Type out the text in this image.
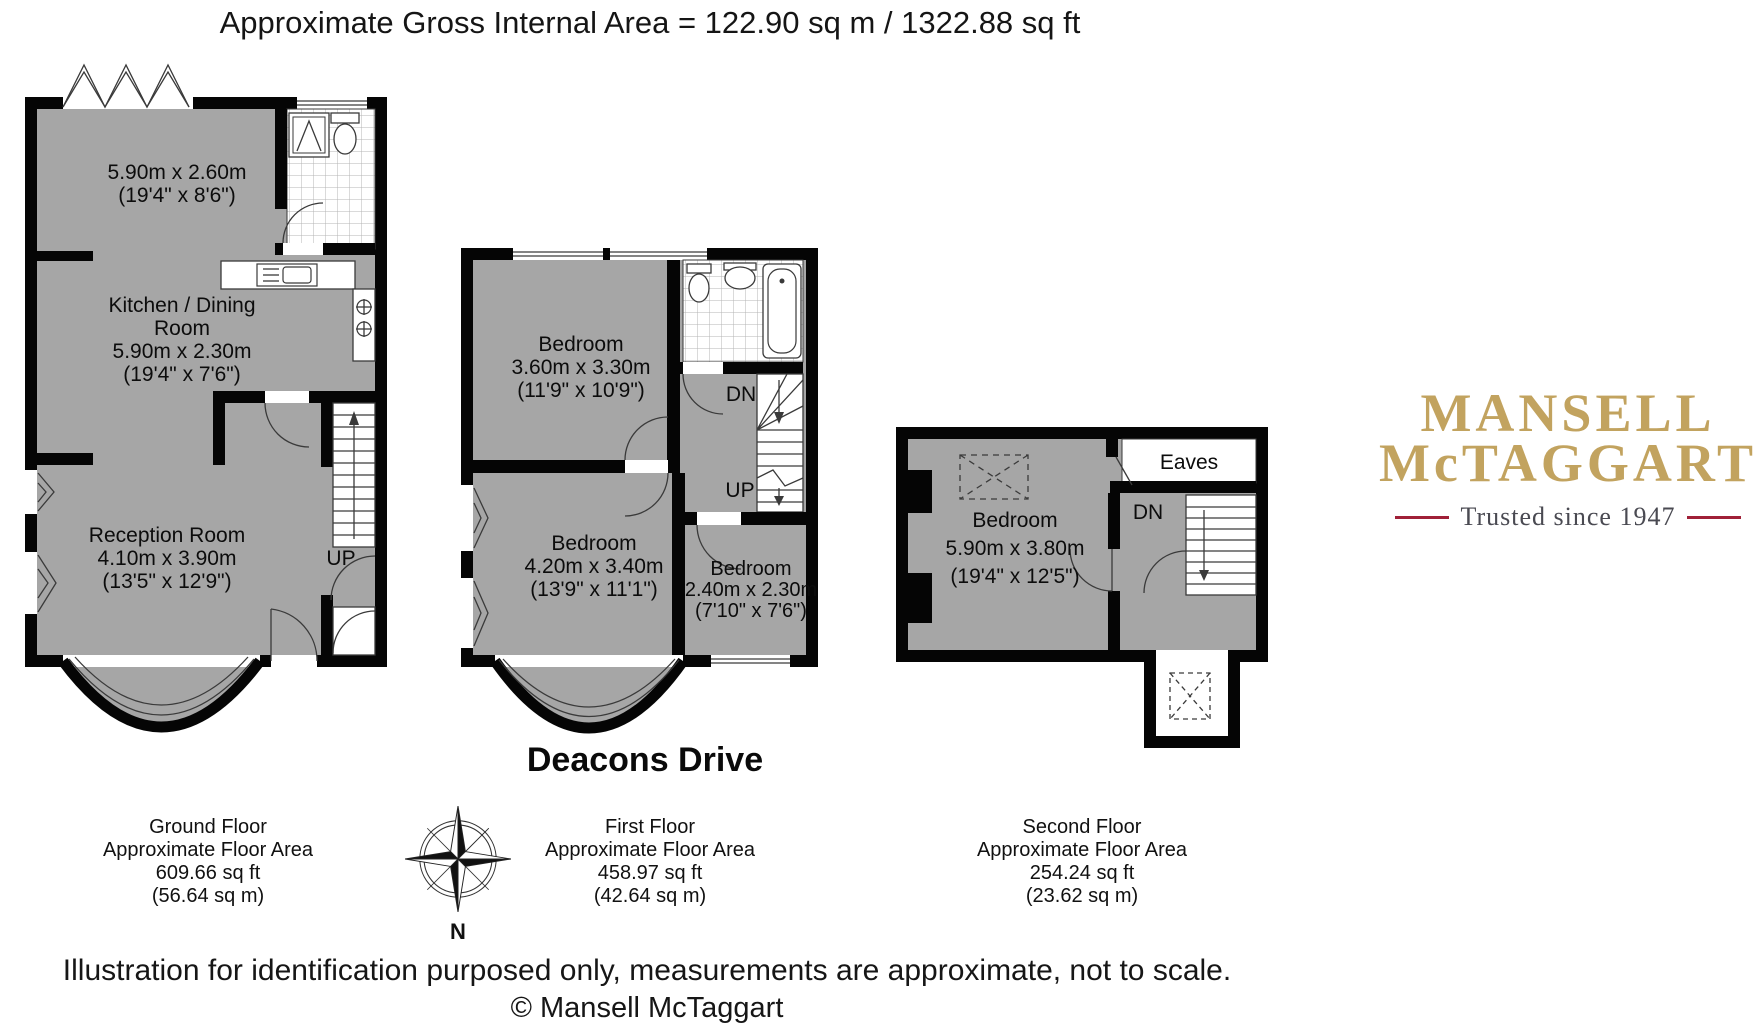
Approximate Gross Internal Area = 122.90 sq m / 1322.88 sq ft
5.90m x 2.60m
(19'4" x 8'6")
Kitchen / Dining
Room
5.90m x 2.30m
(19'4" x 7'6")
Reception Room
4.10m x 3.90m
(13'5" x 12'9")
UP
Bedroom
3.60m x 3.30m
(11'9" x 10'9")
Bedroom
4.20m x 3.40m
(13'9" x 11'1")
Bedroom
2.40m x 2.30m
(7'10" x 7'6")
DN
UP
Bedroom
5.90m x 3.80m
(19'4" x 12'5")
Eaves
DN
Deacons Drive
N
Ground Floor
Approximate Floor Area
609.66 sq ft
(56.64 sq m)
First Floor
Approximate Floor Area
458.97 sq ft
(42.64 sq m)
Second Floor
Approximate Floor Area
254.24 sq ft
(23.62 sq m)
MANSELL
McTAGGART
Trusted since 1947
Illustration for identification purposed only, measurements are approximate, not to scale.
© Mansell McTaggart
